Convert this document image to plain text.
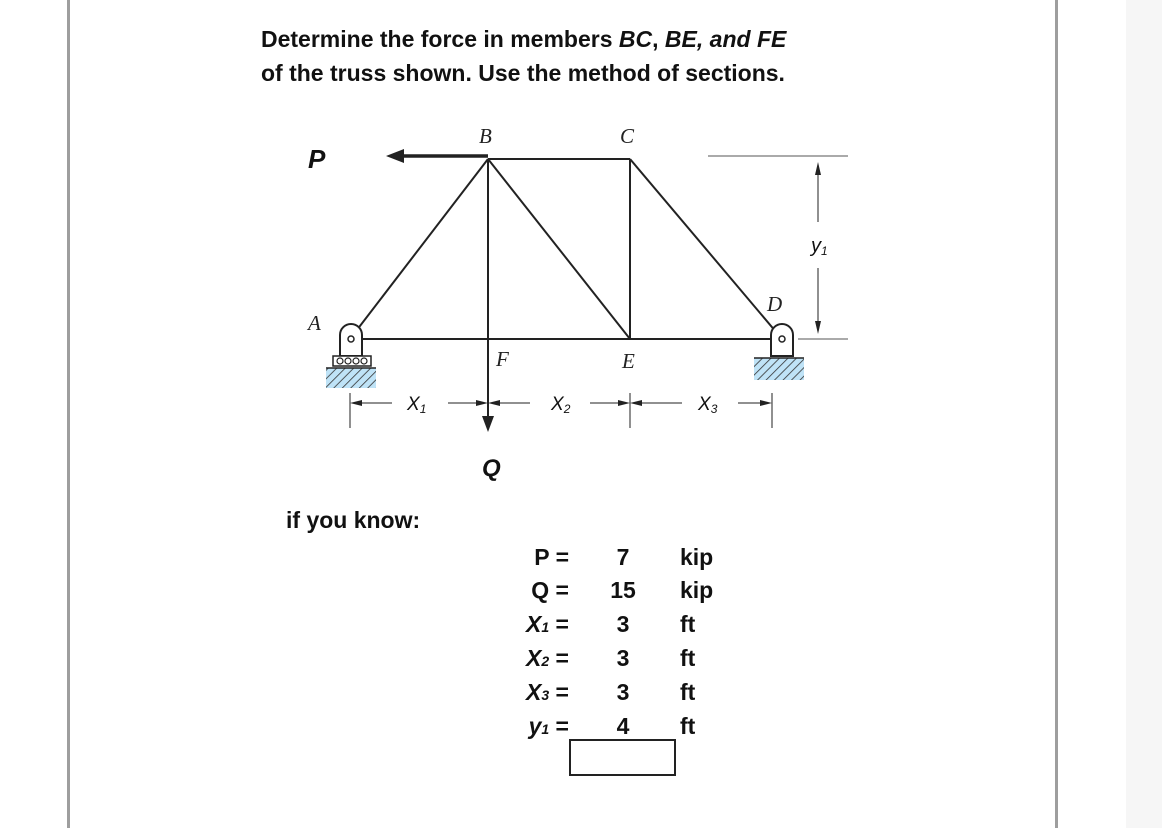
Determine the force in members BC, BE, and FE
of the truss shown. Use the method of sections.

P
Q
B	C
A
D
F	E
X1	X2	X3
y1
if you know:
P =	7	kip
Q =	15	kip
X1 =	3	ft
X2 =	3	ft
X3 =	3	ft
y1 =	4	ft
